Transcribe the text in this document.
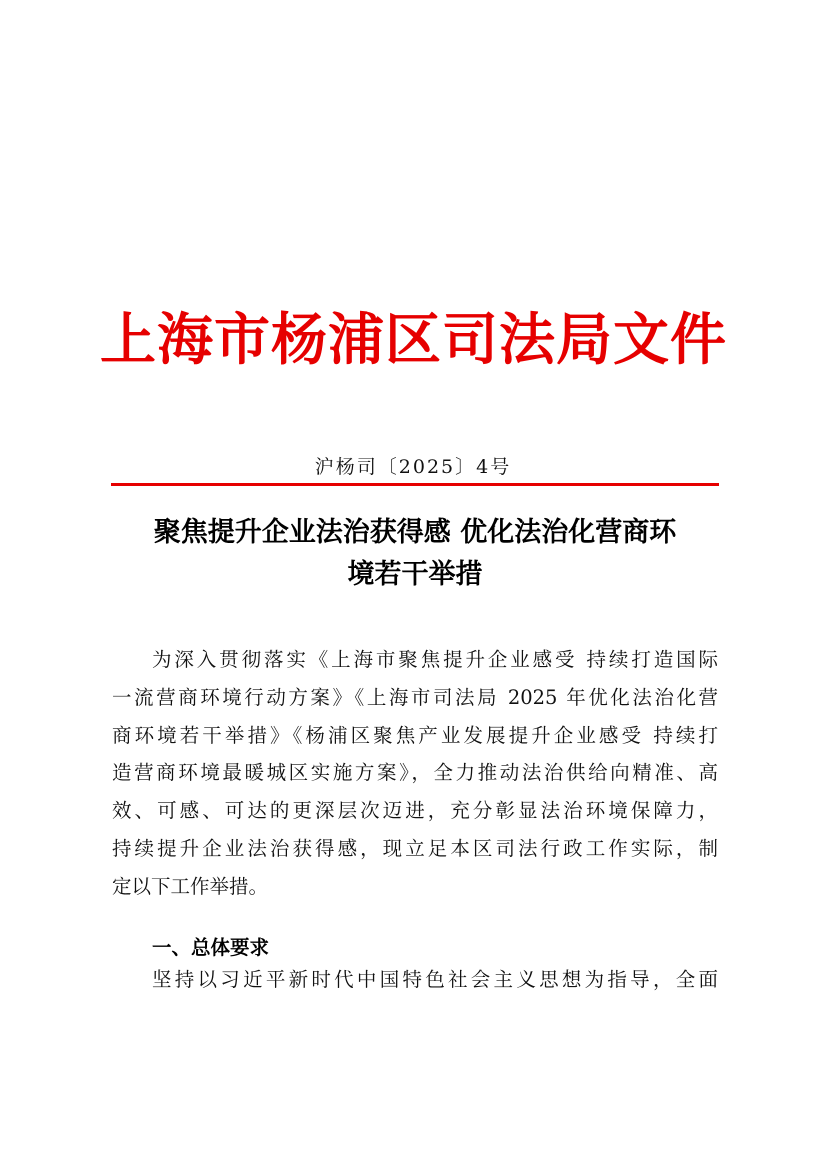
上海市杨浦区司法局文件
沪杨司〔2025〕4号
聚焦提升企业法治获得感 优化法治化营商环
境若干举措
为深入贯彻落实《上海市聚焦提升企业感受 持续打造国际
一流营商环境行动方案》《上海市司法局 2025 年优化法治化营
商环境若干举措》《杨浦区聚焦产业发展提升企业感受 持续打
造营商环境最暖城区实施方案》，全力推动法治供给向精准、高
效、可感、可达的更深层次迈进，充分彰显法治环境保障力，
持续提升企业法治获得感，现立足本区司法行政工作实际，制
定以下工作举措。
一、总体要求
坚持以习近平新时代中国特色社会主义思想为指导，全面
